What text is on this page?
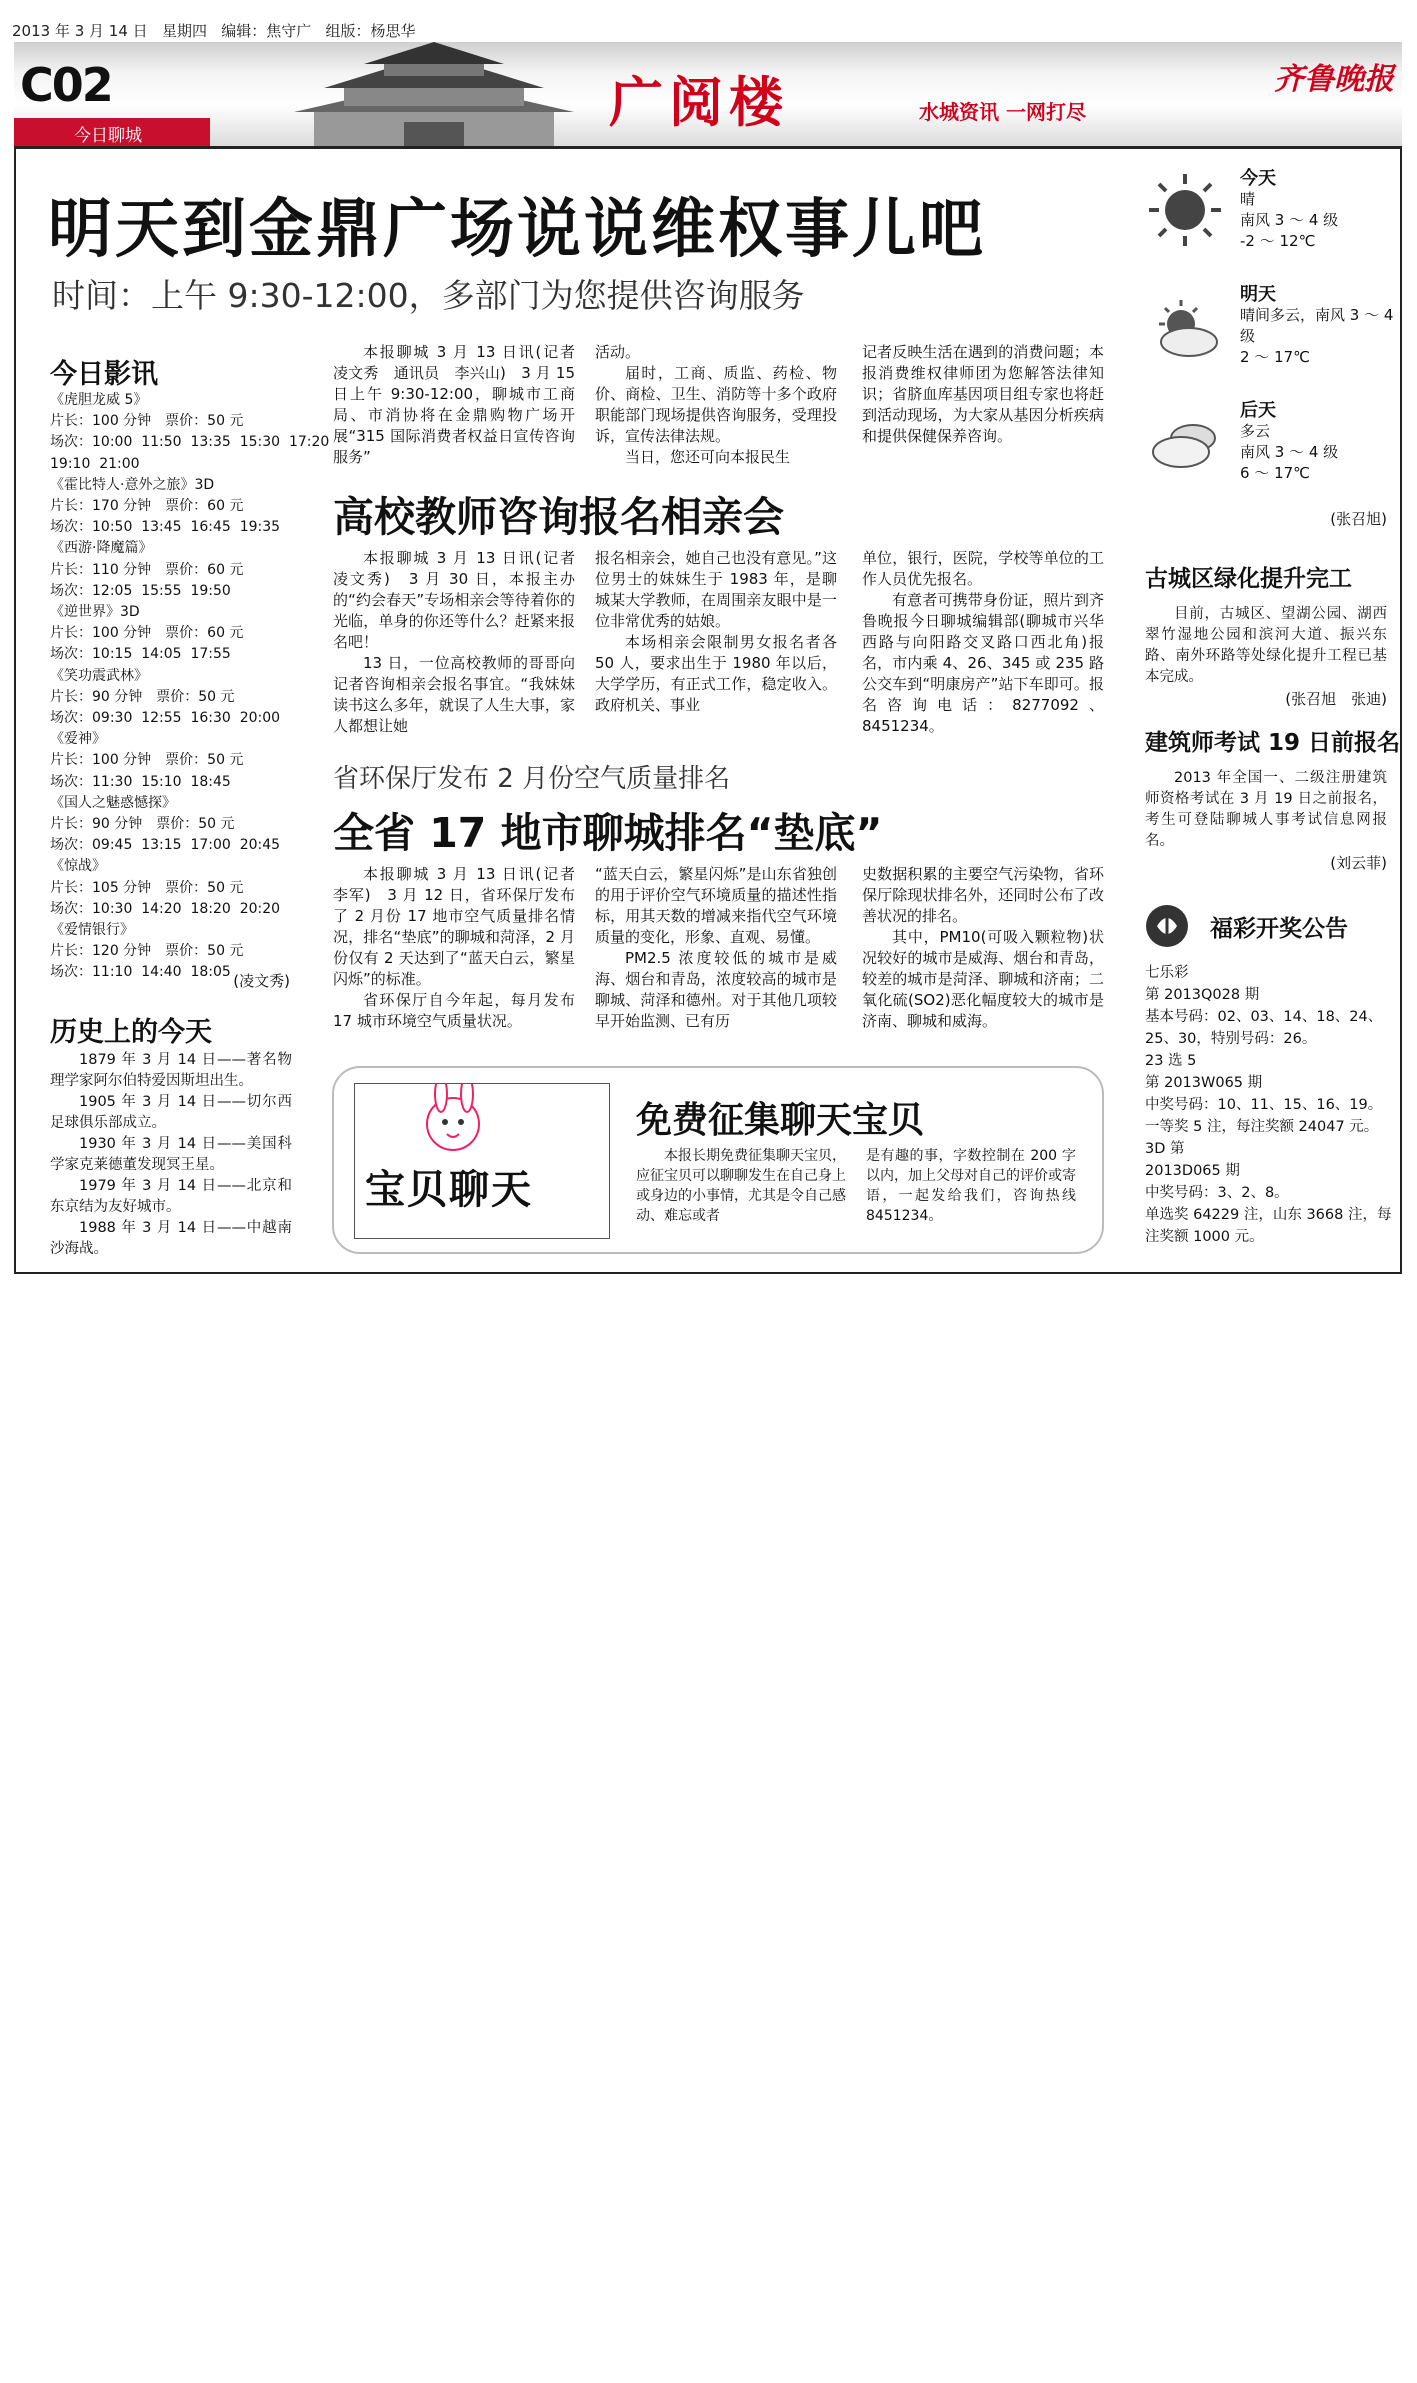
2013 年 3 月 14 日   星期四   编辑：焦守广   组版：杨思华
C02
今日聊城
广阅楼	水城资讯 一网打尽
齐鲁晚报
明天到金鼎广场说说维权事儿吧
时间：上午 9:30-12:00，多部门为您提供咨询服务

本报聊城 3 月 13 日讯(记者　凌文秀　通讯员　李兴山)　3 月 15 日上午 9:30-12:00，聊城市工商局、市消协将在金鼎购物广场开展“315 国际消费者权益日宣传咨询服务”

活动。

届时，工商、质监、药检、物价、商检、卫生、消防等十多个政府职能部门现场提供咨询服务，受理投诉，宣传法律法规。

当日，您还可向本报民生

记者反映生活在遇到的消费问题；本报消费维权律师团为您解答法律知识；省脐血库基因项目组专家也将赶到活动现场，为大家从基因分析疾病和提供保健保养咨询。

今日影讯
《虎胆龙威 5》
片长：100 分钟　票价：50 元
场次：10:00  11:50  13:35  15:30  17:20
19:10  21:00
《霍比特人·意外之旅》3D
片长：170 分钟　票价：60 元
场次：10:50  13:45  16:45  19:35
《西游·降魔篇》
片长：110 分钟　票价：60 元
场次：12:05  15:55  19:50
《逆世界》3D
片长：100 分钟　票价：60 元
场次：10:15  14:05  17:55
《笑功震武林》
片长：90 分钟　票价：50 元
场次：09:30  12:55  16:30  20:00
《爱神》
片长：100 分钟　票价：50 元
场次：11:30  15:10  18:45
《国人之魅惑憾探》
片长：90 分钟　票价：50 元
场次：09:45  13:15  17:00  20:45
《惊战》
片长：105 分钟　票价：50 元
场次：10:30  14:20  18:20  20:20
《爱情银行》
片长：120 分钟　票价：50 元
场次：11:10  14:40  18:05 (凌文秀)
历史上的今天

1879 年 3 月 14 日——著名物理学家阿尔伯特爱因斯坦出生。

1905 年 3 月 14 日——切尔西足球俱乐部成立。

1930 年 3 月 14 日——美国科学家克莱德董发现冥王星。

1979 年 3 月 14 日——北京和东京结为友好城市。

1988 年 3 月 14 日——中越南沙海战。

高校教师咨询报名相亲会

本报聊城 3 月 13 日讯(记者　凌文秀)　3 月 30 日，本报主办的“约会春天”专场相亲会等待着你的光临，单身的你还等什么？赶紧来报名吧！

13 日，一位高校教师的哥哥向记者咨询相亲会报名事宜。“我妹妹读书这么多年，就误了人生大事，家人都想让她

报名相亲会，她自己也没有意见。”这位男士的妹妹生于 1983 年，是聊城某大学教师，在周围亲友眼中是一位非常优秀的姑娘。

本场相亲会限制男女报名者各 50 人，要求出生于 1980 年以后，大学学历，有正式工作，稳定收入。政府机关、事业

单位，银行，医院，学校等单位的工作人员优先报名。

有意者可携带身份证，照片到齐鲁晚报今日聊城编辑部(聊城市兴华西路与向阳路交叉路口西北角)报名，市内乘 4、26、345 或 235 路公交车到“明康房产”站下车即可。报名咨询电话：8277092、8451234。

省环保厅发布 2 月份空气质量排名
全省 17 地市聊城排名“垫底”

本报聊城 3 月 13 日讯(记者　李军)　3 月 12 日，省环保厅发布了 2 月份 17 地市空气质量排名情况，排名“垫底”的聊城和菏泽，2 月份仅有 2 天达到了“蓝天白云，繁星闪烁”的标准。

省环保厅自今年起，每月发布 17 城市环境空气质量状况。

“蓝天白云，繁星闪烁”是山东省独创的用于评价空气环境质量的描述性指标，用其天数的增减来指代空气环境质量的变化，形象、直观、易懂。

PM2.5 浓度较低的城市是威海、烟台和青岛，浓度较高的城市是聊城、菏泽和德州。对于其他几项较早开始监测、已有历

史数据积累的主要空气污染物，省环保厅除现状排名外，还同时公布了改善状况的排名。

其中，PM10(可吸入颗粒物)状况较好的城市是威海、烟台和青岛，较差的城市是菏泽、聊城和济南；二氧化硫(SO2)恶化幅度较大的城市是济南、聊城和威海。

宝贝聊天
免费征集聊天宝贝

本报长期免费征集聊天宝贝，应征宝贝可以聊聊发生在自己身上或身边的小事情，尤其是令自己感动、难忘或者

是有趣的事，字数控制在 200 字以内，加上父母对自己的评价或寄语，一起发给我们，咨询热线 8451234。

今天
晴
南风 3 ～ 4 级
-2 ～ 12℃
明天
晴间多云，南风 3 ～ 4
级
2 ～ 17℃
后天
多云
南风 3 ～ 4 级
6 ～ 17℃
(张召旭)
古城区绿化提升完工

目前，古城区、望湖公园、湖西翠竹湿地公园和滨河大道、振兴东路、南外环路等处绿化提升工程已基本完成。

(张召旭　张迪)
建筑师考试 19 日前报名

2013 年全国一、二级注册建筑师资格考试在 3 月 19 日之前报名，考生可登陆聊城人事考试信息网报名。

(刘云菲)
福彩开奖公告
七乐彩
第 2013Q028 期
基本号码：02、03、14、18、24、25、30，特别号码：26。
23 选 5
第 2013W065 期
中奖号码：10、11、15、16、19。
一等奖 5 注，每注奖额 24047 元。
3D 第
2013D065 期
中奖号码：3、2、8。
单选奖 64229 注，山东 3668 注，每注奖额 1000 元。
